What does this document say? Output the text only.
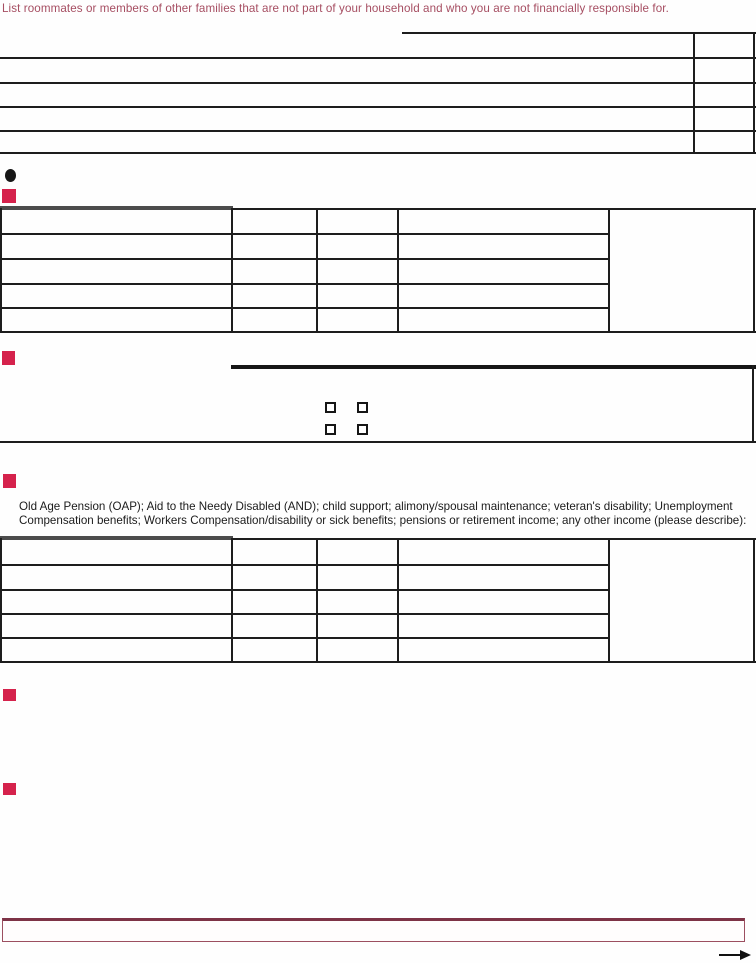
List roommates or members of other families that are not part of your household and who you are not financially responsible for.
Old Age Pension (OAP); Aid to the Needy Disabled (AND); child support; alimony/spousal maintenance; veteran's disability; Unemployment Compensation benefits; Workers Compensation/disability or sick benefits; pensions or retirement income; any other income (please describe):
